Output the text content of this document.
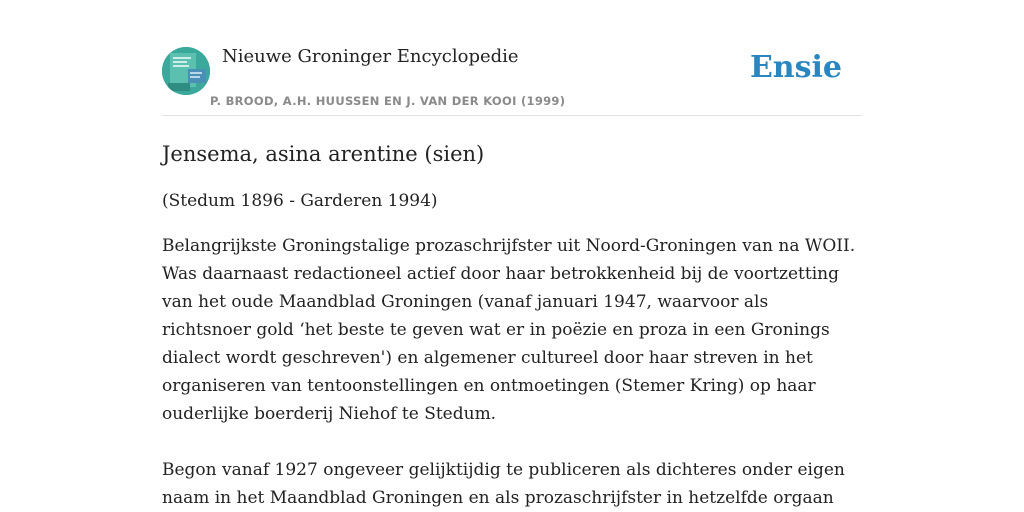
Nieuwe Groninger Encyclopedie
P. BROOD, A.H. HUUSSEN EN J. VAN DER KOOI (1999)
Ensie
Jensema, asina arentine (sien)

(Stedum 1896 - Garderen 1994)

Belangrijkste Groningstalige prozaschrijfster uit Noord-Groningen van na WOII. Was daarnaast redactioneel actief door haar betrokkenheid bij de voortzetting van het oude Maandblad Groningen (vanaf januari 1947, waarvoor als richtsnoer gold ‘het beste te geven wat er in poëzie en proza in een Gronings dialect wordt geschreven') en algemener cultureel door haar streven in het organiseren van tentoonstellingen en ontmoetingen (Stemer Kring) op haar ouderlijke boerderij Niehof te Stedum.

Begon vanaf 1927 ongeveer gelijktijdig te publiceren als dichteres onder eigen naam in het Maandblad Groningen en als prozaschrijfster in hetzelfde orgaan
